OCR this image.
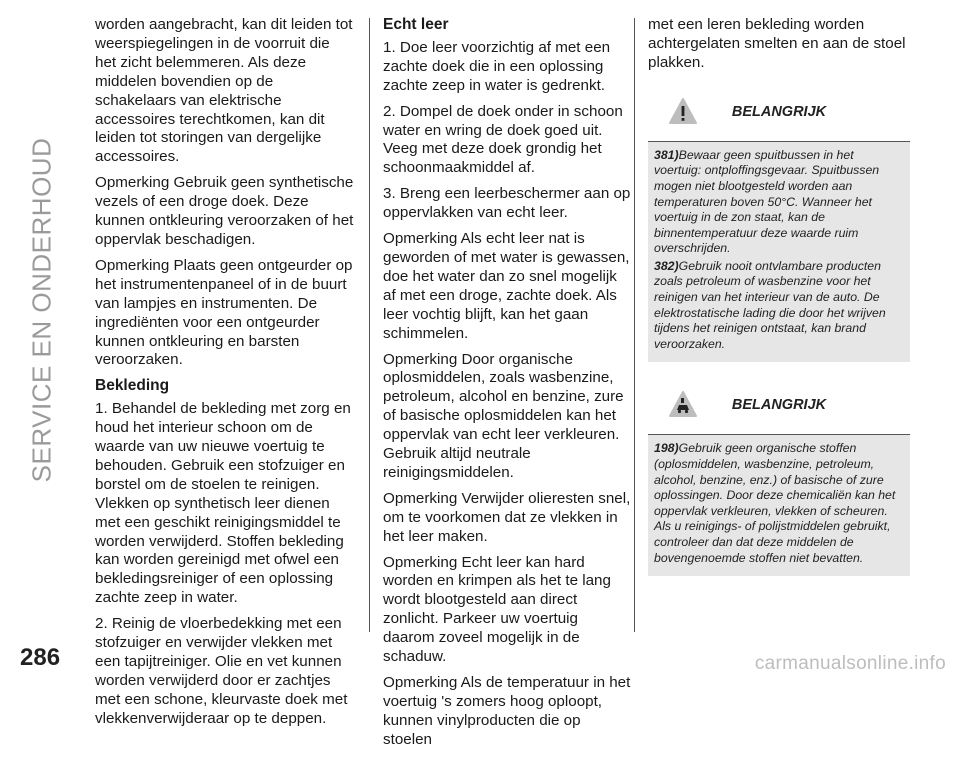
SERVICE EN ONDERHOUD

worden aangebracht, kan dit leiden tot weerspiegelingen in de voorruit die het zicht belemmeren. Als deze middelen bovendien op de schakelaars van elektrische accessoires terechtkomen, kan dit leiden tot storingen van dergelijke accessoires.

Opmerking Gebruik geen synthetische vezels of een droge doek. Deze kunnen ontkleuring veroorzaken of het oppervlak beschadigen.

Opmerking Plaats geen ontgeurder op het instrumentenpaneel of in de buurt van lampjes en instrumenten. De ingrediënten voor een ontgeurder kunnen ontkleuring en barsten veroorzaken.

Bekleding

1. Behandel de bekleding met zorg en houd het interieur schoon om de waarde van uw nieuwe voertuig te behouden. Gebruik een stofzuiger en borstel om de stoelen te reinigen. Vlekken op synthetisch leer dienen met een geschikt reinigingsmiddel te worden verwijderd. Stoffen bekleding kan worden gereinigd met ofwel een bekledingsreiniger of een oplossing zachte zeep in water.

2. Reinig de vloerbedekking met een stofzuiger en verwijder vlekken met een tapijtreiniger. Olie en vet kunnen worden verwijderd door er zachtjes met een schone, kleurvaste doek met vlekkenverwijderaar op te deppen.

Echt leer

1. Doe leer voorzichtig af met een zachte doek die in een oplossing zachte zeep in water is gedrenkt.

2. Dompel de doek onder in schoon water en wring de doek goed uit. Veeg met deze doek grondig het schoonmaakmiddel af.

3. Breng een leerbeschermer aan op oppervlakken van echt leer.

Opmerking Als echt leer nat is geworden of met water is gewassen, doe het water dan zo snel mogelijk af met een droge, zachte doek. Als leer vochtig blijft, kan het gaan schimmelen.

Opmerking Door organische oplosmiddelen, zoals wasbenzine, petroleum, alcohol en benzine, zure of basische oplosmiddelen kan het oppervlak van echt leer verkleuren. Gebruik altijd neutrale reinigingsmiddelen.

Opmerking Verwijder olieresten snel, om te voorkomen dat ze vlekken in het leer maken.

Opmerking Echt leer kan hard worden en krimpen als het te lang wordt blootgesteld aan direct zonlicht. Parkeer uw voertuig daarom zoveel mogelijk in de schaduw.

Opmerking Als de temperatuur in het voertuig 's zomers hoog oploopt, kunnen vinylproducten die op stoelen

met een leren bekleding worden achtergelaten smelten en aan de stoel plakken.

BELANGRIJK

381)Bewaar geen spuitbussen in het voertuig: ontploffingsgevaar. Spuitbussen mogen niet blootgesteld worden aan temperaturen boven 50°C. Wanneer het voertuig in de zon staat, kan de binnentemperatuur deze waarde ruim overschrijden.

382)Gebruik nooit ontvlambare producten zoals petroleum of wasbenzine voor het reinigen van het interieur van de auto. De elektrostatische lading die door het wrijven tijdens het reinigen ontstaat, kan brand veroorzaken.

BELANGRIJK

198)Gebruik geen organische stoffen (oplosmiddelen, wasbenzine, petroleum, alcohol, benzine, enz.) of basische of zure oplossingen. Door deze chemicaliën kan het oppervlak verkleuren, vlekken of scheuren. Als u reinigings- of polijstmiddelen gebruikt, controleer dan dat deze middelen de bovengenoemde stoffen niet bevatten.

286	carmanualsonline.info
